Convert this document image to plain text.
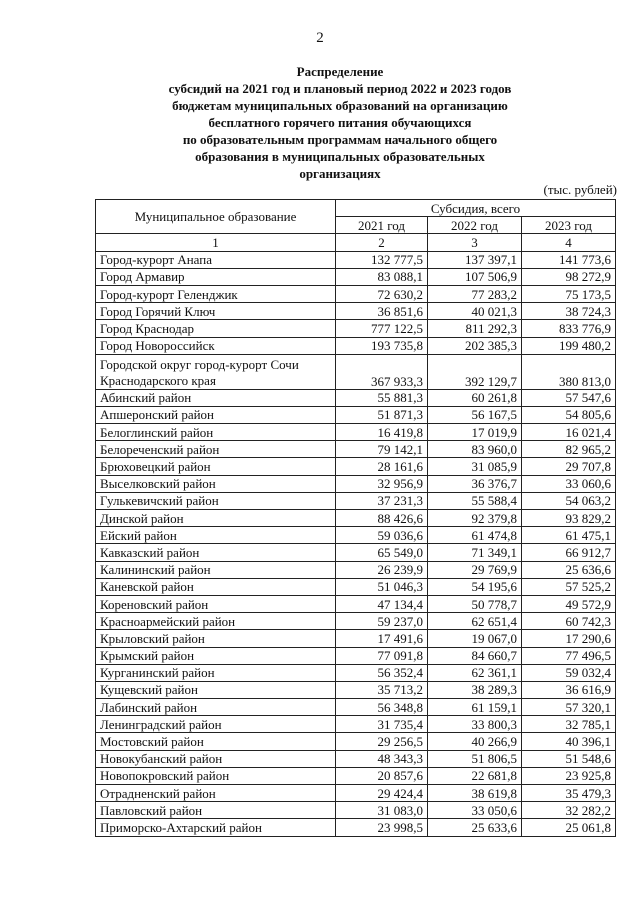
2
Распределение
субсидий на 2021 год и плановый период 2022 и 2023 годов
бюджетам муниципальных образований на организацию
бесплатного горячего питания обучающихся
по образовательным программам начального общего
образования в муниципальных образовательных
организациях
(тыс. рублей)
Муниципальное образование	Субсидия, всего		
	2021 год	2022 год	2023 год
1	2	3	4
Город-курорт Анапа	132 777,5	137 397,1	141 773,6
Город Армавир	83 088,1	107 506,9	98 272,9
Город-курорт Геленджик	72 630,2	77 283,2	75 173,5
Город Горячий Ключ	36 851,6	40 021,3	38 724,3
Город Краснодар	777 122,5	811 292,3	833 776,9
Город Новороссийск	193 735,8	202 385,3	199 480,2
Городской округ город-курорт Сочи Краснодарского края	367 933,3	392 129,7	380 813,0
Абинский район	55 881,3	60 261,8	57 547,6
Апшеронский район	51 871,3	56 167,5	54 805,6
Белоглинский район	16 419,8	17 019,9	16 021,4
Белореченский район	79 142,1	83 960,0	82 965,2
Брюховецкий район	28 161,6	31 085,9	29 707,8
Выселковский район	32 956,9	36 376,7	33 060,6
Гулькевичский район	37 231,3	55 588,4	54 063,2
Динской район	88 426,6	92 379,8	93 829,2
Ейский район	59 036,6	61 474,8	61 475,1
Кавказский район	65 549,0	71 349,1	66 912,7
Калининский район	26 239,9	29 769,9	25 636,6
Каневской район	51 046,3	54 195,6	57 525,2
Кореновский район	47 134,4	50 778,7	49 572,9
Красноармейский район	59 237,0	62 651,4	60 742,3
Крыловский район	17 491,6	19 067,0	17 290,6
Крымский район	77 091,8	84 660,7	77 496,5
Курганинский район	56 352,4	62 361,1	59 032,4
Кущевский район	35 713,2	38 289,3	36 616,9
Лабинский район	56 348,8	61 159,1	57 320,1
Ленинградский район	31 735,4	33 800,3	32 785,1
Мостовский район	29 256,5	40 266,9	40 396,1
Новокубанский район	48 343,3	51 806,5	51 548,6
Новопокровский район	20 857,6	22 681,8	23 925,8
Отрадненский район	29 424,4	38 619,8	35 479,3
Павловский район	31 083,0	33 050,6	32 282,2
Приморско-Ахтарский район	23 998,5	25 633,6	25 061,8
